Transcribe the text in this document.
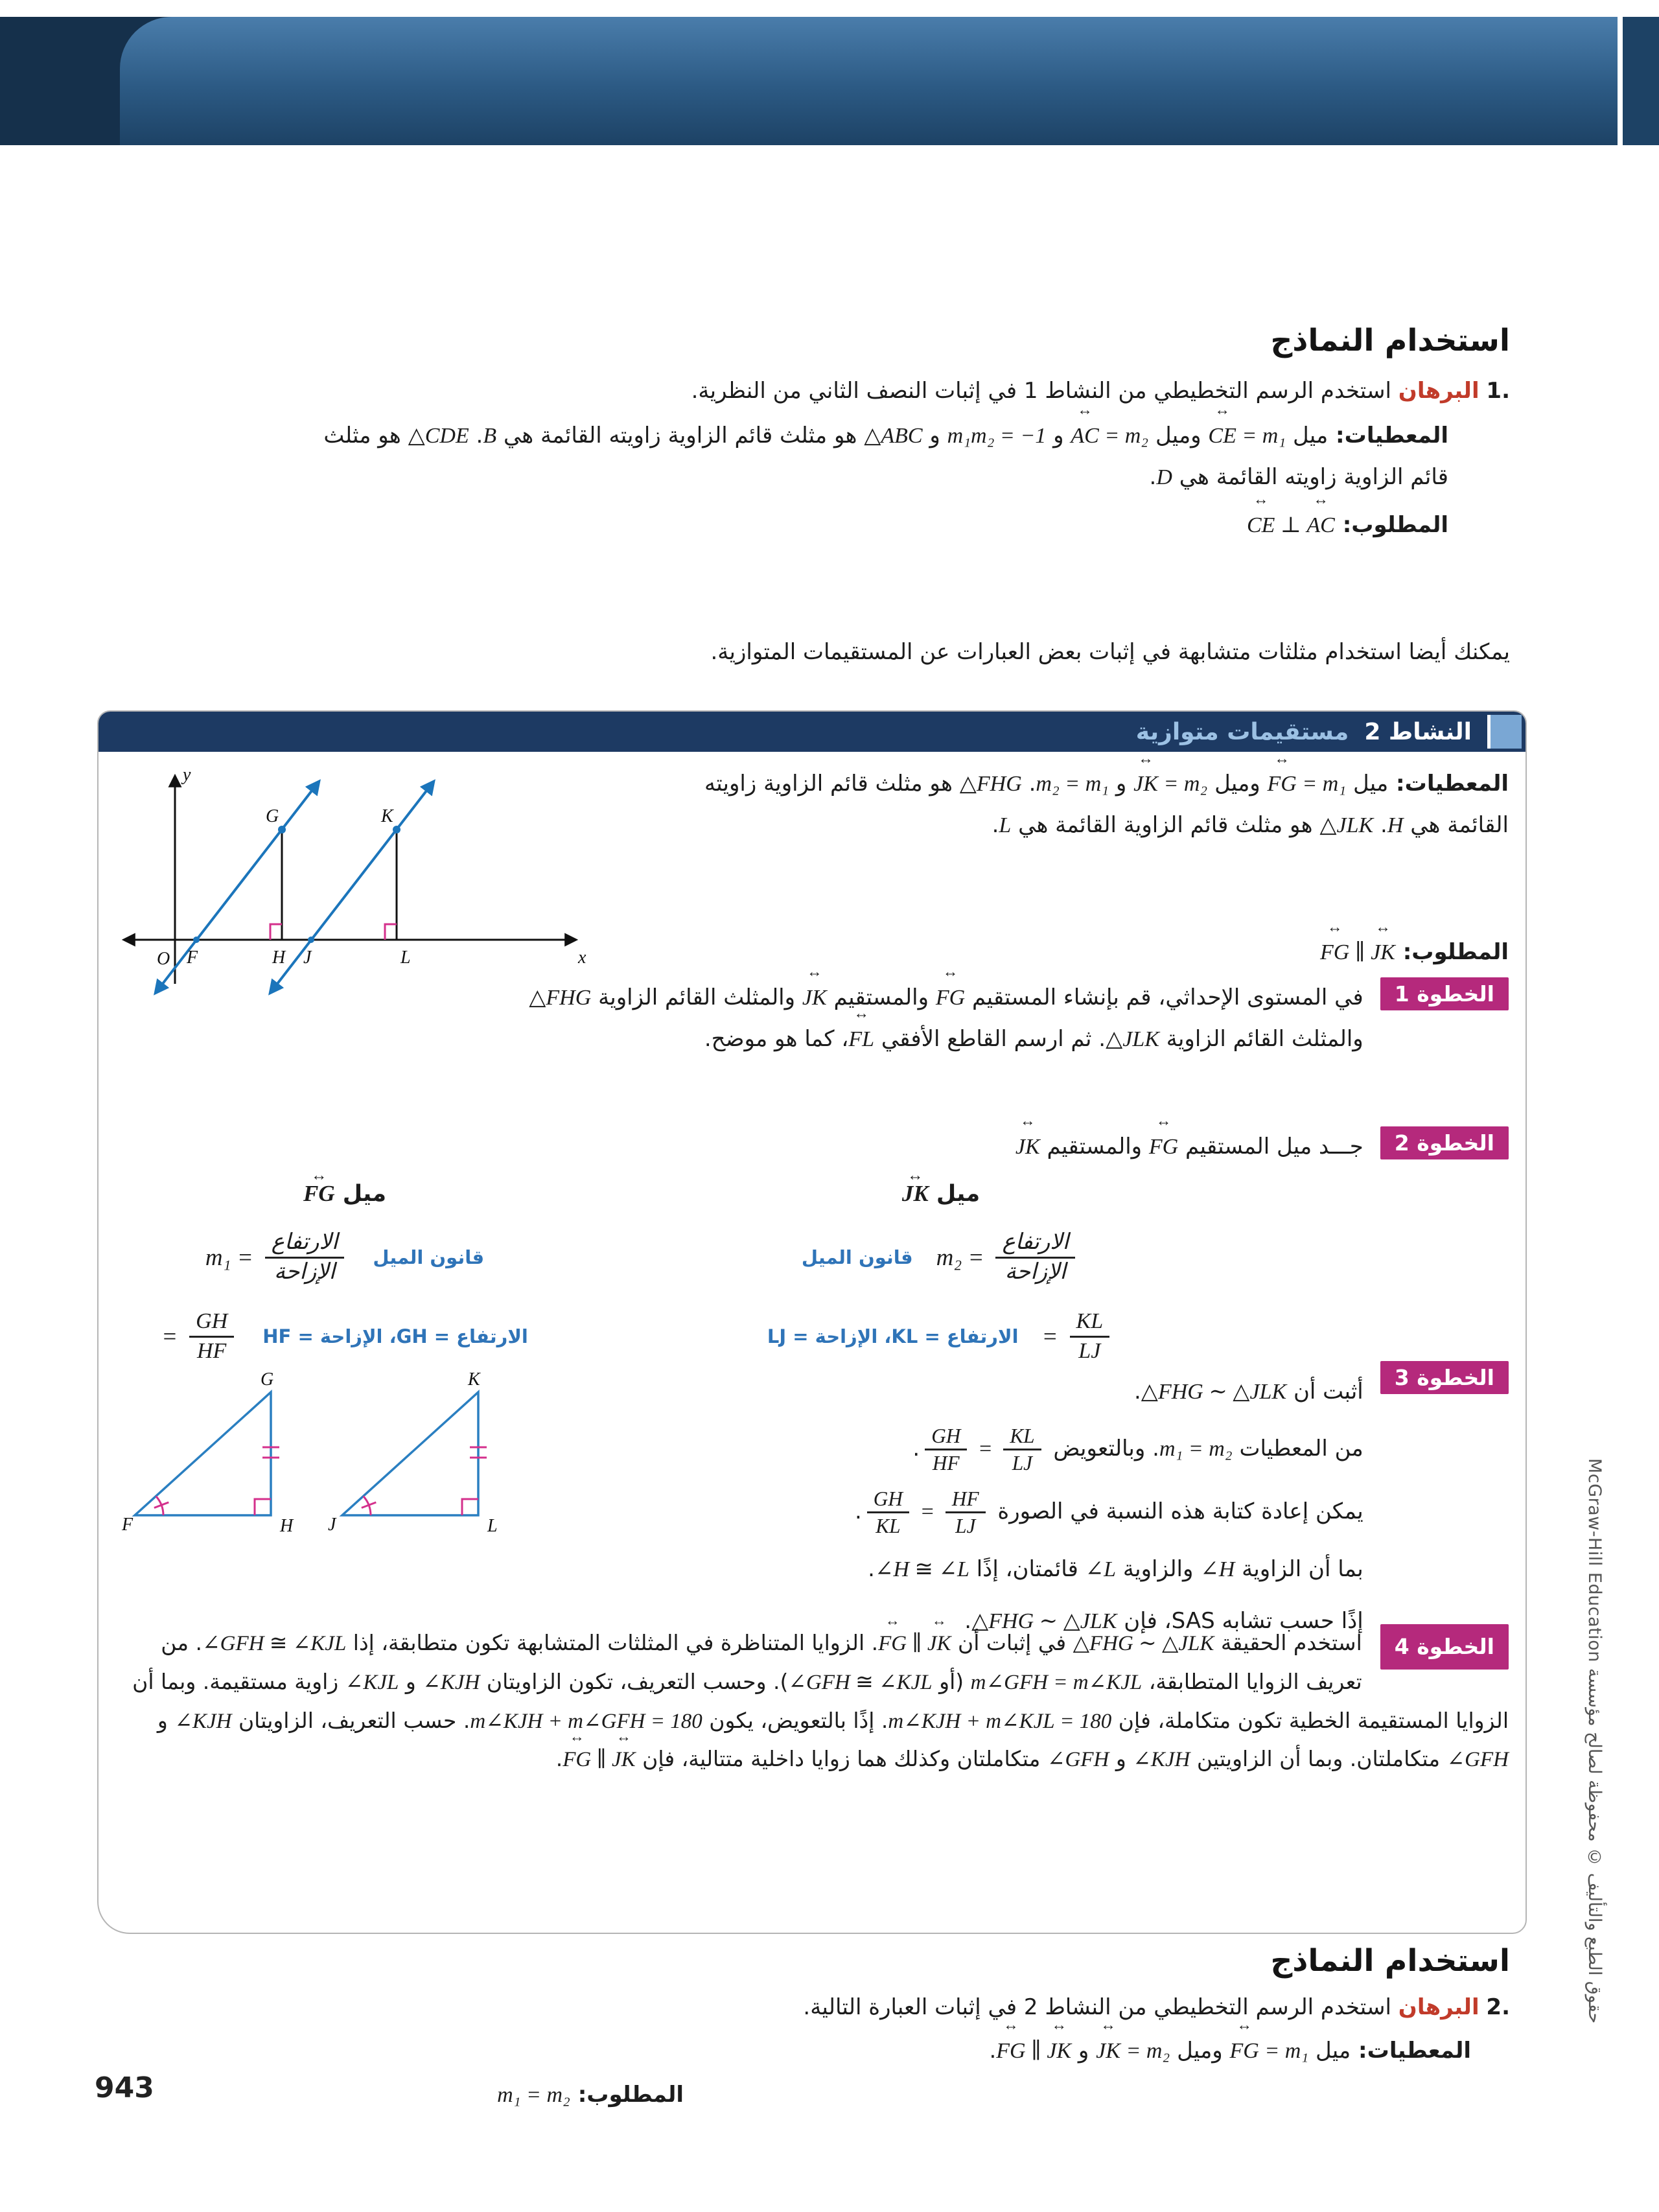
استخدام النماذج
1. البرهان استخدم الرسم التخطيطي من النشاط 1 في إثبات النصف الثاني من النظرية.
المعطيات: ميل
↔ CE = m₁
وميل
↔ AC = m₂
و m₁m₂ = −1 و △ABC هو مثلث قائم الزاوية زاويته القائمة هي B. △CDE هو مثلث قائم الزاوية زاويته القائمة هي D.
المطلوب:
↔ CE ⊥ ↔ AC
يمكنك أيضا استخدام مثلثات متشابهة في إثبات بعض العبارات عن المستقيمات المتوازية.
النشاط 2
مستقيمات متوازية
y
x
O F	H J	L
G	K
المعطيات: ميل
↔ FG = m₁
وميل
↔ JK = m₂
و m₂ = m₁. △FHG هو مثلث قائم الزاوية زاويته القائمة هي H. △JLK هو مثلث قائم الزاوية القائمة هي L.
المطلوب:
↔ FG ∥ ↔ JK
الخطوة 1
في المستوى الإحداثي، قم بإنشاء المستقيم ↔ FG والمستقيم ↔ JK والمثلث القائم الزاوية △FHG والمثلث القائم الزاوية △JLK. ثم ارسم القاطع الأفقي ↔ FL، كما هو موضح.
الخطوة 2
جـــد ميل المستقيم ↔ FG والمستقيم ↔ JK
ميل ↔ FG
$m_1 = \frac{\text{الارتفاع}}{\text{الإزاحة}}$ قانون الميل
= $\frac{GH}{HF}$ الارتفاع = GH، الإزاحة = HF
ميل ↔ JK
$m_2 = \frac{\text{الارتفاع}}{\text{الإزاحة}}$
قانون الميل
= $\frac{KL}{LJ}$
الارتفاع = KL، الإزاحة = LJ
G
F	H
K
J	L
الخطوة 3
أثبت أن △FHG ∼ △JLK.
من المعطيات m₁ = m₂. وبالتعويض
$\frac{GH}{HF} = \frac{KL}{LJ}$
.
يمكن إعادة كتابة هذه النسبة في الصورة
$\frac{GH}{KL} = \frac{HF}{LJ}$
.
بما أن الزاوية ∠H والزاوية ∠L قائمتان، إذًا ∠H ≅ ∠L.
إذًا حسب تشابه SAS، فإن △FHG ∼ △JLK.
الخطوة 4
استخدم الحقيقة △FHG ∼ △JLK في إثبات أن
↔ FG ∥ ↔ JK
. الزوايا المتناظرة في المثلثات المتشابهة تكون متطابقة، إذا ∠GFH ≅ ∠KJL. من تعريف الزوايا المتطابقة، m∠GFH = m∠KJL (أو ∠GFH ≅ ∠KJL). وحسب التعريف، تكون الزاويتان ∠KJH و ∠KJL زاوية مستقيمة. وبما أن الزوايا المستقيمة الخطية تكون متكاملة، فإن m∠KJH + m∠KJL = 180. إذًا بالتعويض، يكون m∠KJH + m∠GFH = 180. حسب التعريف، الزاويتان ∠KJH و ∠GFH متكاملتان. وبما أن الزاويتين ∠KJH و ∠GFH متكاملتان وكذلك هما زوايا داخلية متتالية، فإن
↔ FG ∥ ↔ JK
.
استخدام النماذج
2. البرهان استخدم الرسم التخطيطي من النشاط 2 في إثبات العبارة التالية.
المعطيات: ميل
↔ FG = m₁
وميل
↔ JK = m₂
و
↔ FG ∥ ↔ JK
.
المطلوب: m₁ = m₂
943
McGraw-Hill Education حقوق الطبع والتأليف © محفوظة لصالح مؤسسة
